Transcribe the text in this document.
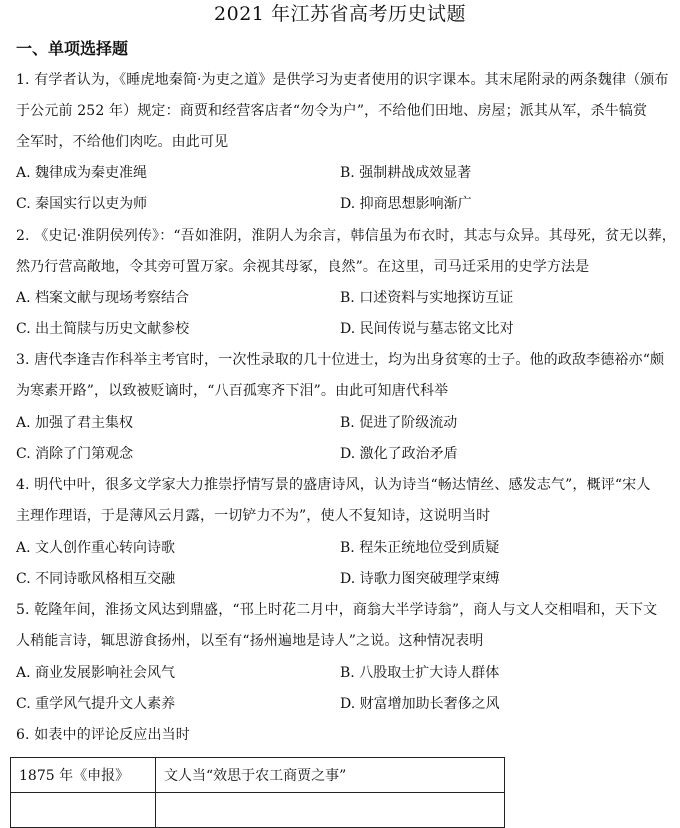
2021 年江苏省高考历史试题
一、单项选择题
1. 有学者认为，《睡虎地秦简·为吏之道》是供学习为吏者使用的识字课本。其末尾附录的两条魏律（颁布
于公元前 252 年）规定：商贾和经营客店者“勿令为户”，不给他们田地、房屋；派其从军，杀牛犒赏
全军时，不给他们肉吃。由此可见
A. 魏律成为秦吏准绳	B. 强制耕战成效显著
C. 秦国实行以吏为师	D. 抑商思想影响渐广
2. 《史记·淮阴侯列传》：“吾如淮阴，淮阴人为余言，韩信虽为布衣时，其志与众异。其母死，贫无以葬，
然乃行营高敞地，令其旁可置万家。余视其母冢，良然”。在这里，司马迁采用的史学方法是
A. 档案文献与现场考察结合	B. 口述资料与实地探访互证
C. 出土简牍与历史文献参校	D. 民间传说与墓志铭文比对
3. 唐代李逢吉作科举主考官时，一次性录取的几十位进士，均为出身贫寒的士子。他的政敌李德裕亦“颇
为寒素开路”，以致被贬谪时，“八百孤寒齐下泪”。由此可知唐代科举
A. 加强了君主集权	B. 促进了阶级流动
C. 消除了门第观念	D. 激化了政治矛盾
4. 明代中叶，很多文学家大力推崇抒情写景的盛唐诗风，认为诗当“畅达情丝、感发志气”，概评“宋人
主理作理语，于是薄风云月露，一切铲力不为”，使人不复知诗，这说明当时
A. 文人创作重心转向诗歌	B. 程朱正统地位受到质疑
C. 不同诗歌风格相互交融	D. 诗歌力图突破理学束缚
5. 乾隆年间，淮扬文风达到鼎盛，“邗上时花二月中，商翁大半学诗翁”，商人与文人交相唱和，天下文
人稍能言诗，辄思游食扬州，以至有“扬州遍地是诗人”之说。这种情况表明
A. 商业发展影响社会风气	B. 八股取士扩大诗人群体
C. 重学风气提升文人素养	D. 财富增加助长奢侈之风
6. 如表中的评论反应出当时
1875 年《申报》	文人当“效思于农工商贾之事”
